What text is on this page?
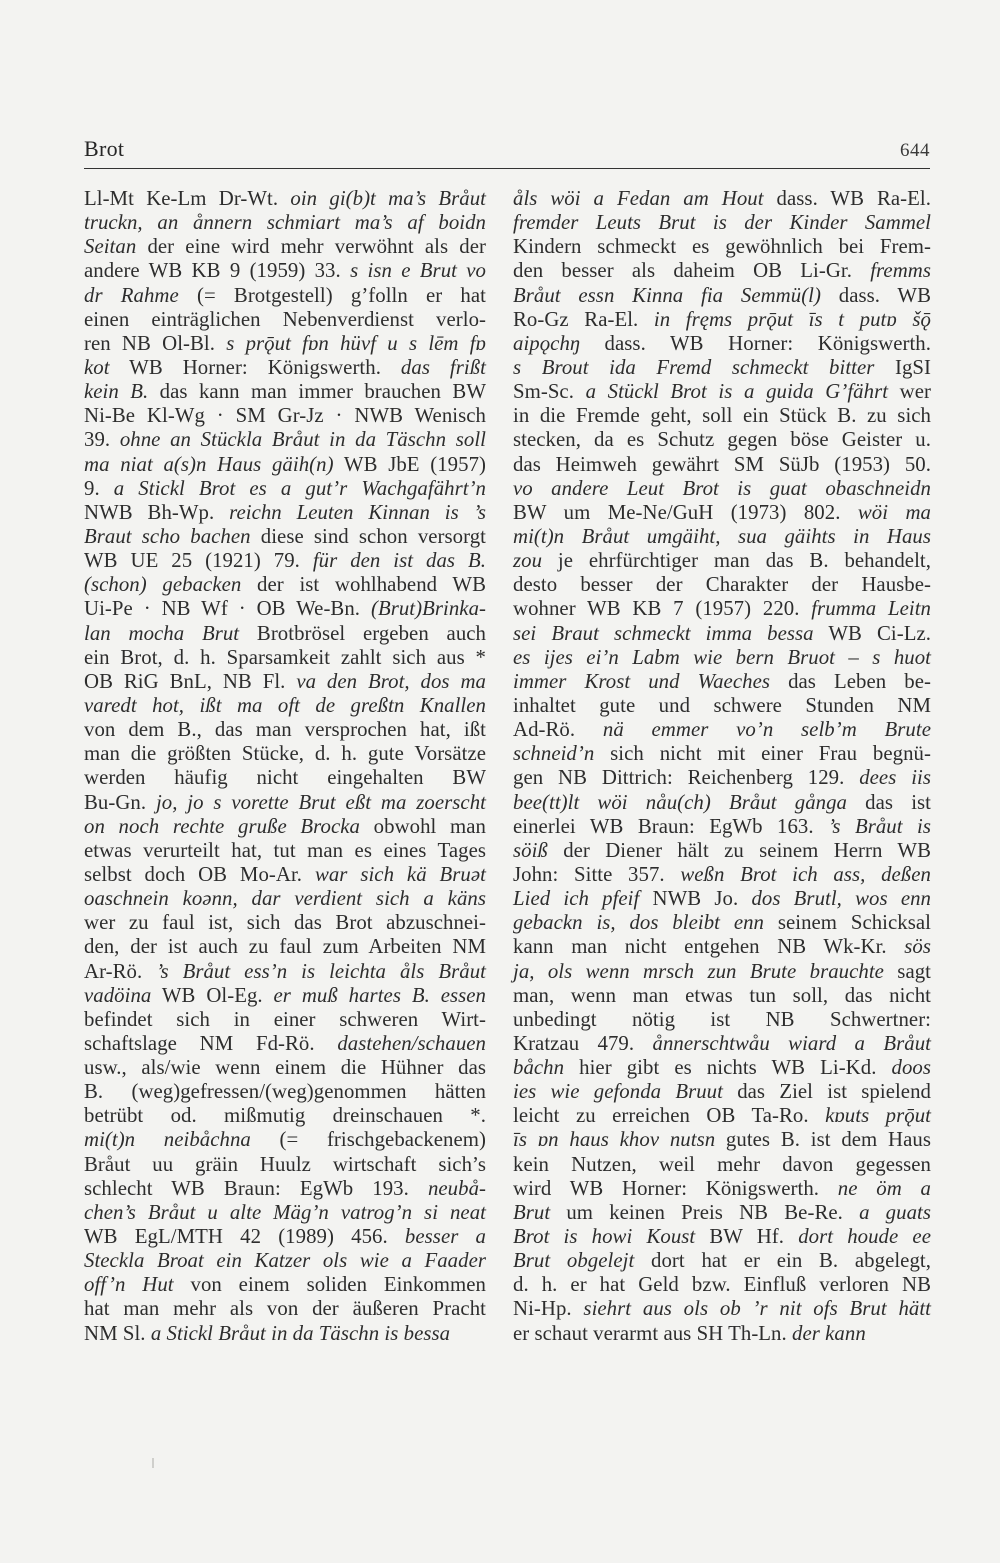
Brot	644
Ll-Mt Ke-Lm Dr-Wt. oin gi(b)t ma’s Bråut
truckn, an ånnern schmiart ma’s af boidn
Seitan der eine wird mehr verwöhnt als der
andere WB KB 9 (1959) 33. s isn e Brut vo
dr Rahme (= Brotgestell) g’folln er hat
einen einträglichen Nebenverdienst verlo-
ren NB Ol-Bl. s prǭut fɒn hüvf u s lēm fɒ
kot WB Horner: Königswerth. das frißt
kein B. das kann man immer brauchen BW
Ni-Be Kl-Wg · SM Gr-Jz · NWB Wenisch
39. ohne an Stückla Bråut in da Täschn soll
ma niat a(s)n Haus gäih(n) WB JbE (1957)
9. a Stickl Brot es a gut’r Wachgafährt’n
NWB Bh-Wp. reichn Leuten Kinnan is ’s
Braut scho bachen diese sind schon versorgt
WB UE 25 (1921) 79. für den ist das B.
(schon) gebacken der ist wohlhabend WB
Ui-Pe · NB Wf · OB We-Bn. (Brut)Brinka-
lan mocha Brut Brotbrösel ergeben auch
ein Brot, d. h. Sparsamkeit zahlt sich aus *
OB RiG BnL, NB Fl. va den Brot, dos ma
varedt hot, ißt ma oft de greßtn Knallen
von dem B., das man versprochen hat, ißt
man die größten Stücke, d. h. gute Vorsätze
werden häufig nicht eingehalten BW
Bu-Gn. jo, jo s vorette Brut eßt ma zoerscht
on noch rechte gruße Brocka obwohl man
etwas verurteilt hat, tut man es eines Tages
selbst doch OB Mo-Ar. war sich kä Bruət
oaschnein koənn, dar verdient sich a käns
wer zu faul ist, sich das Brot abzuschnei-
den, der ist auch zu faul zum Arbeiten NM
Ar-Rö. ’s Bråut ess’n is leichta åls Bråut
vadöina WB Ol-Eg. er muß hartes B. essen
befindet sich in einer schweren Wirt-
schaftslage NM Fd-Rö. dastehen/schauen
usw., als/wie wenn einem die Hühner das
B. (weg)gefressen/(weg)genommen hätten
betrübt od. mißmutig dreinschauen *.
mi(t)n neibåchna (= frischgebackenem)
Bråut uu gräin Huulz wirtschaft sich’s
schlecht WB Braun: EgWb 193. neubå-
chen’s Bråut u alte Mäg’n vatrog’n si neat
WB EgL/MTH 42 (1989) 456. besser a
Steckla Broat ein Katzer ols wie a Faader
off’n Hut von einem soliden Einkommen
hat man mehr als von der äußeren Pracht
NM Sl. a Stickl Bråut in da Täschn is bessa
åls wöi a Fedan am Hout dass. WB Ra-El.
fremder Leuts Brut is der Kinder Sammel
Kindern schmeckt es gewöhnlich bei Frem-
den besser als daheim OB Li-Gr. fremms
Bråut essn Kinna fia Semmü(l) dass. WB
Ro-Gz Ra-El. in fręms prǭut īs t putɒ šǭ
aipǫchŋ dass. WB Horner: Königswerth.
s Brout ida Fremd schmeckt bitter IgSI
Sm-Sc. a Stückl Brot is a guida G’fährt wer
in die Fremde geht, soll ein Stück B. zu sich
stecken, da es Schutz gegen böse Geister u.
das Heimweh gewährt SM SüJb (1953) 50.
vo andere Leut Brot is guat obaschneidn
BW um Me-Ne/GuH (1973) 802. wöi ma
mi(t)n Bråut umgäiht, sua gäihts in Haus
zou je ehrfürchtiger man das B. behandelt,
desto besser der Charakter der Hausbe-
wohner WB KB 7 (1957) 220. frumma Leitn
sei Braut schmeckt imma bessa WB Ci-Lz.
es ijes ei’n Labm wie bern Bruot – s huot
immer Krost und Waeches das Leben be-
inhaltet gute und schwere Stunden NM
Ad-Rö. nä emmer vo’n selb’m Brute
schneid’n sich nicht mit einer Frau begnü-
gen NB Dittrich: Reichenberg 129. dees iis
bee(tt)lt wöi nåu(ch) Bråut gånga das ist
einerlei WB Braun: EgWb 163. ’s Bråut is
söiß der Diener hält zu seinem Herrn WB
John: Sitte 357. weßn Brot ich ass, deßen
Lied ich pfeif NWB Jo. dos Brutl, wos enn
gebackn is, dos bleibt enn seinem Schicksal
kann man nicht entgehen NB Wk-Kr. sös
ja, ols wenn mrsch zun Brute brauchte sagt
man, wenn man etwas tun soll, das nicht
unbedingt nötig ist NB Schwertner:
Kratzau 479. ånnerschtwåu wiard a Bråut
båchn hier gibt es nichts WB Li-Kd. doos
ies wie gefonda Bruut das Ziel ist spielend
leicht zu erreichen OB Ta-Ro. kɒuts prǭut
īs ɒn haus khov nutsn gutes B. ist dem Haus
kein Nutzen, weil mehr davon gegessen
wird WB Horner: Königswerth. ne öm a
Brut um keinen Preis NB Be-Re. a guats
Brot is howi Koust BW Hf. dort houde ee
Brut obgelejt dort hat er ein B. abgelegt,
d. h. er hat Geld bzw. Einfluß verloren NB
Ni-Hp. siehrt aus ols ob ’r nit ofs Brut hätt
er schaut verarmt aus SH Th-Ln. der kann
